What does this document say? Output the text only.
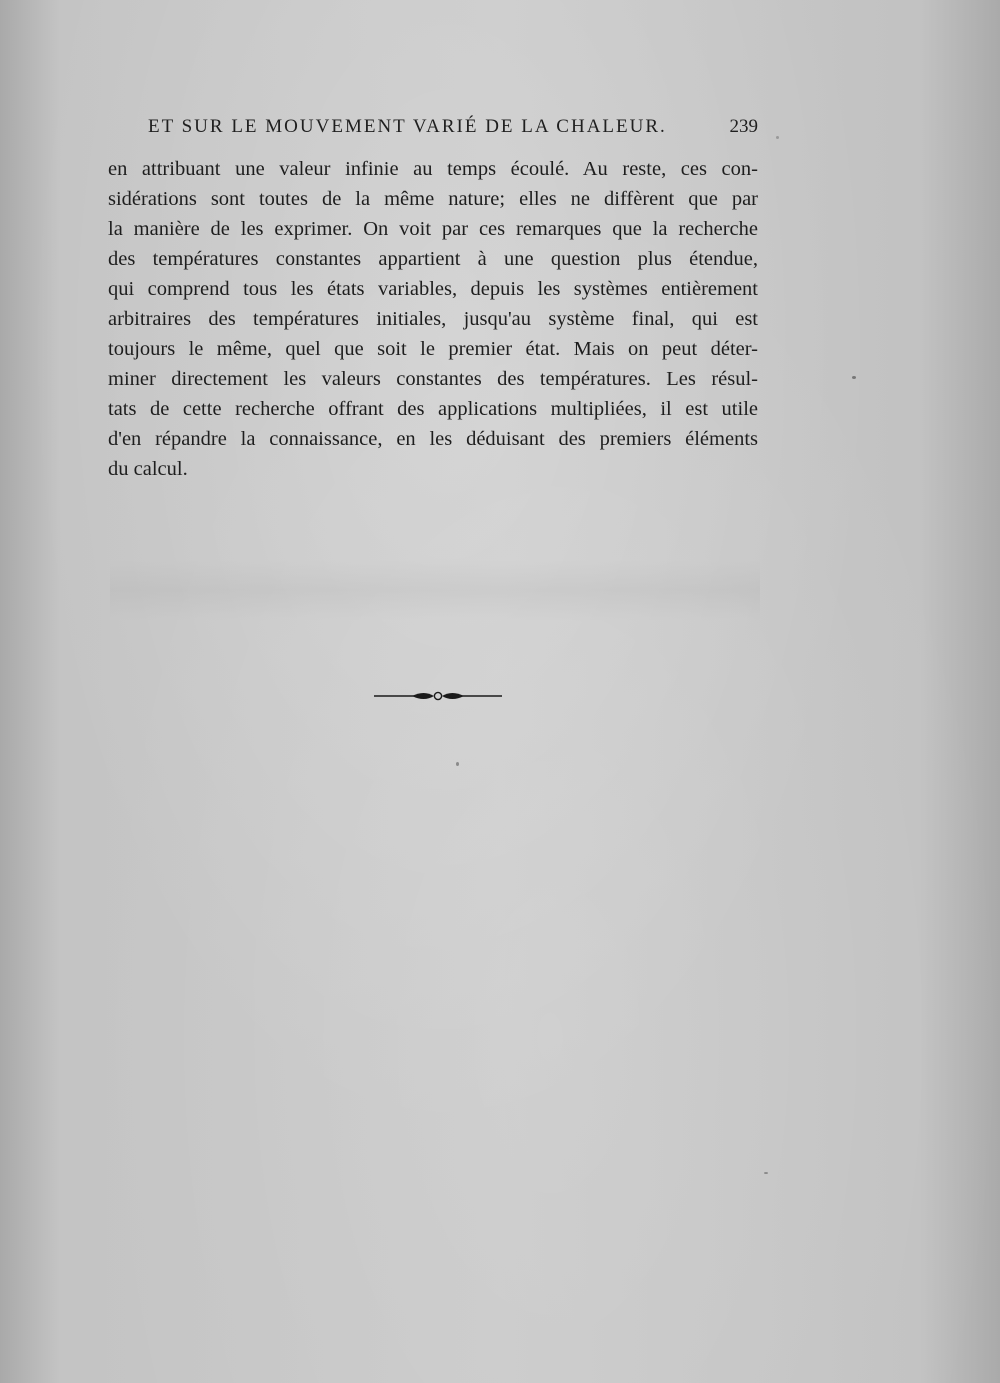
ET SUR LE MOUVEMENT VARIÉ DE LA CHALEUR.	239
en attribuant une valeur infinie au temps écoulé. Au reste, ces con-
sidérations sont toutes de la même nature; elles ne diffèrent que par
la manière de les exprimer. On voit par ces remarques que la recherche
des températures constantes appartient à une question plus étendue,
qui comprend tous les états variables, depuis les systèmes entièrement
arbitraires des températures initiales, jusqu'au système final, qui est
toujours le même, quel que soit le premier état. Mais on peut déter-
miner directement les valeurs constantes des températures. Les résul-
tats de cette recherche offrant des applications multipliées, il est utile
d'en répandre la connaissance, en les déduisant des premiers éléments
du calcul.
